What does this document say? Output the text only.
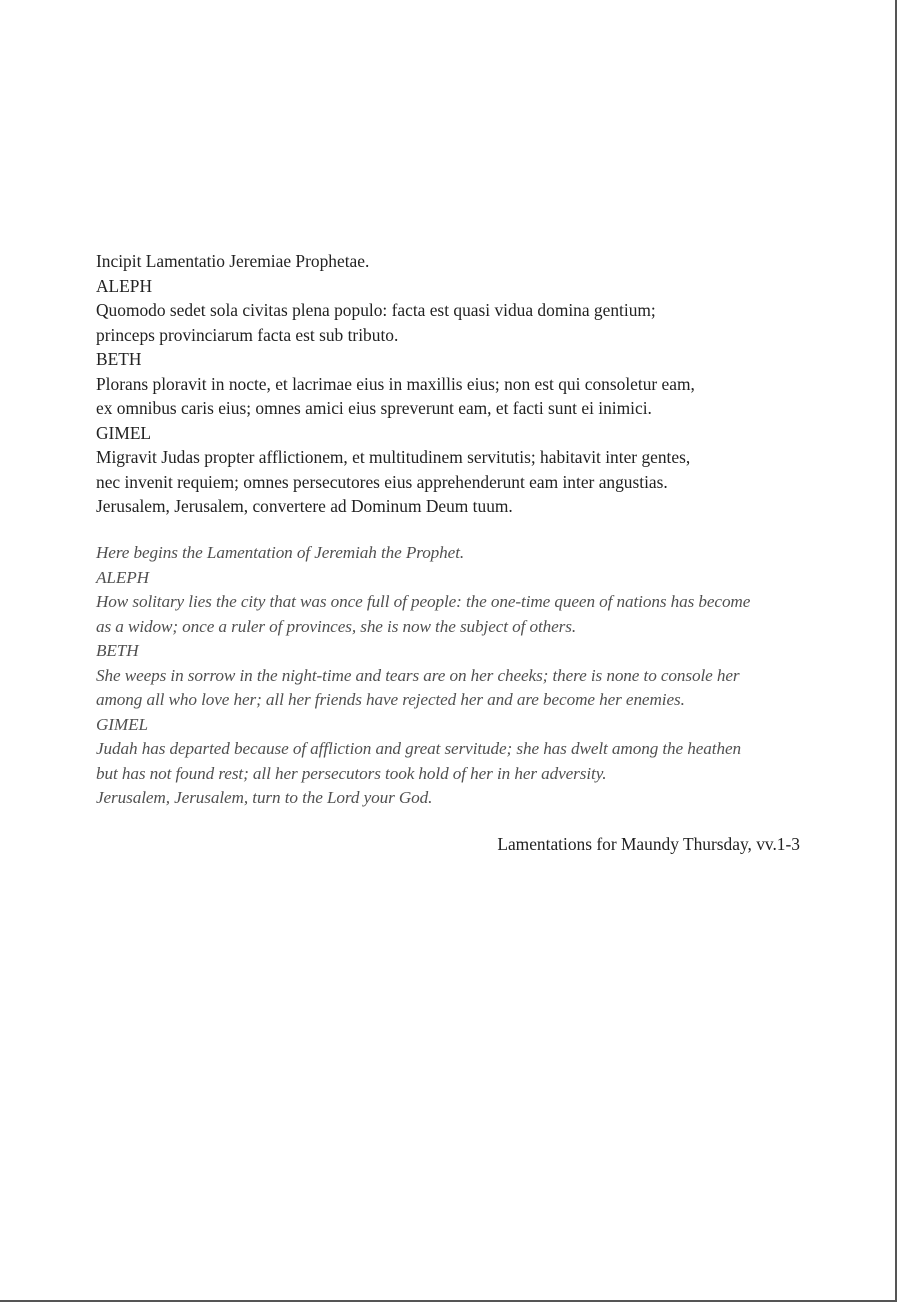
Incipit Lamentatio Jeremiae Prophetae.
ALEPH
Quomodo sedet sola civitas plena populo: facta est quasi vidua domina gentium;
princeps provinciarum facta est sub tributo.
BETH
Plorans ploravit in nocte, et lacrimae eius in maxillis eius; non est qui consoletur eam,
ex omnibus caris eius; omnes amici eius spreverunt eam, et facti sunt ei inimici.
GIMEL
Migravit Judas propter afflictionem, et multitudinem servitutis; habitavit inter gentes,
nec invenit requiem; omnes persecutores eius apprehenderunt eam inter angustias.
Jerusalem, Jerusalem, convertere ad Dominum Deum tuum.
Here begins the Lamentation of Jeremiah the Prophet.
ALEPH
How solitary lies the city that was once full of people: the one-time queen of nations has become
as a widow; once a ruler of provinces, she is now the subject of others.
BETH
She weeps in sorrow in the night-time and tears are on her cheeks; there is none to console her
among all who love her; all her friends have rejected her and are become her enemies.
GIMEL
Judah has departed because of affliction and great servitude; she has dwelt among the heathen
but has not found rest; all her persecutors took hold of her in her adversity.
Jerusalem, Jerusalem, turn to the Lord your God.
Lamentations for Maundy Thursday, vv.1-3
